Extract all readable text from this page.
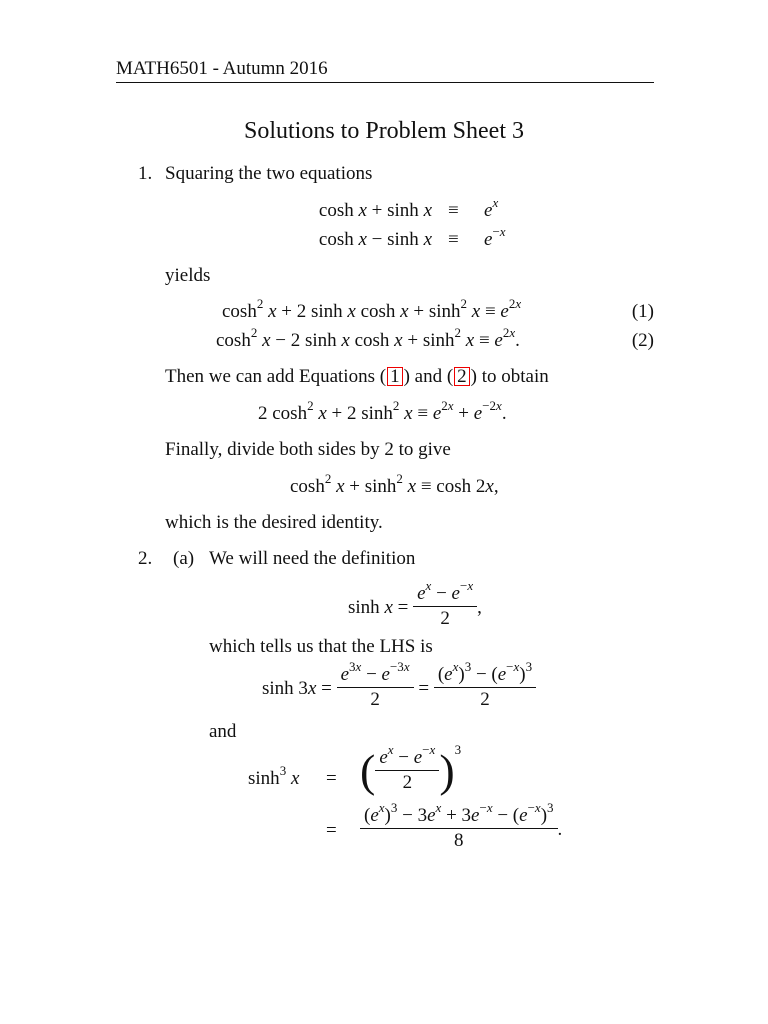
MATH6501 - Autumn 2016
Solutions to Problem Sheet 3
1. Squaring the two equations
$\cosh x + \sinh x \equiv e^x$
$\cosh x - \sinh x \equiv e^{-x}$
yields
$\cosh^2 x + 2$ sinh x $\cosh x + \sinh^2 x \equiv e^{2x}$	(1)
$\cosh^2 x - 2$ sinh x $\cosh x + \sinh^2 x \equiv e^{2x}$.	(2)
Then we can add Equations ( 1 ) and ( 2 ) to obtain
2 $\cosh^2 x + 2$ $\sinh^2 x \equiv e^{2x} + e^{-2x}$.
Finally, divide both sides by 2 to give
$\cosh^2 x + \sinh^2 x \equiv \cosh 2x$,
which is the desired identity.
2. (a) We will need the definition
$\sinh x = \frac{e^x - e^{-x}}{2}$ ,
which tells us that the LHS is
$\sinh 3x = \frac{e^{3x} - e^{-3x}}{2} = \frac{(e^x)^3 - (e^{-x})^3}{2}$
and
$\sinh^3 x$ = ( $\frac{e^x - e^{-x}}{2} )^3$
= $\frac{(e^x)^3 - 3e^x + 3e^{-x} - (e^{-x})^3}{8}$ .
